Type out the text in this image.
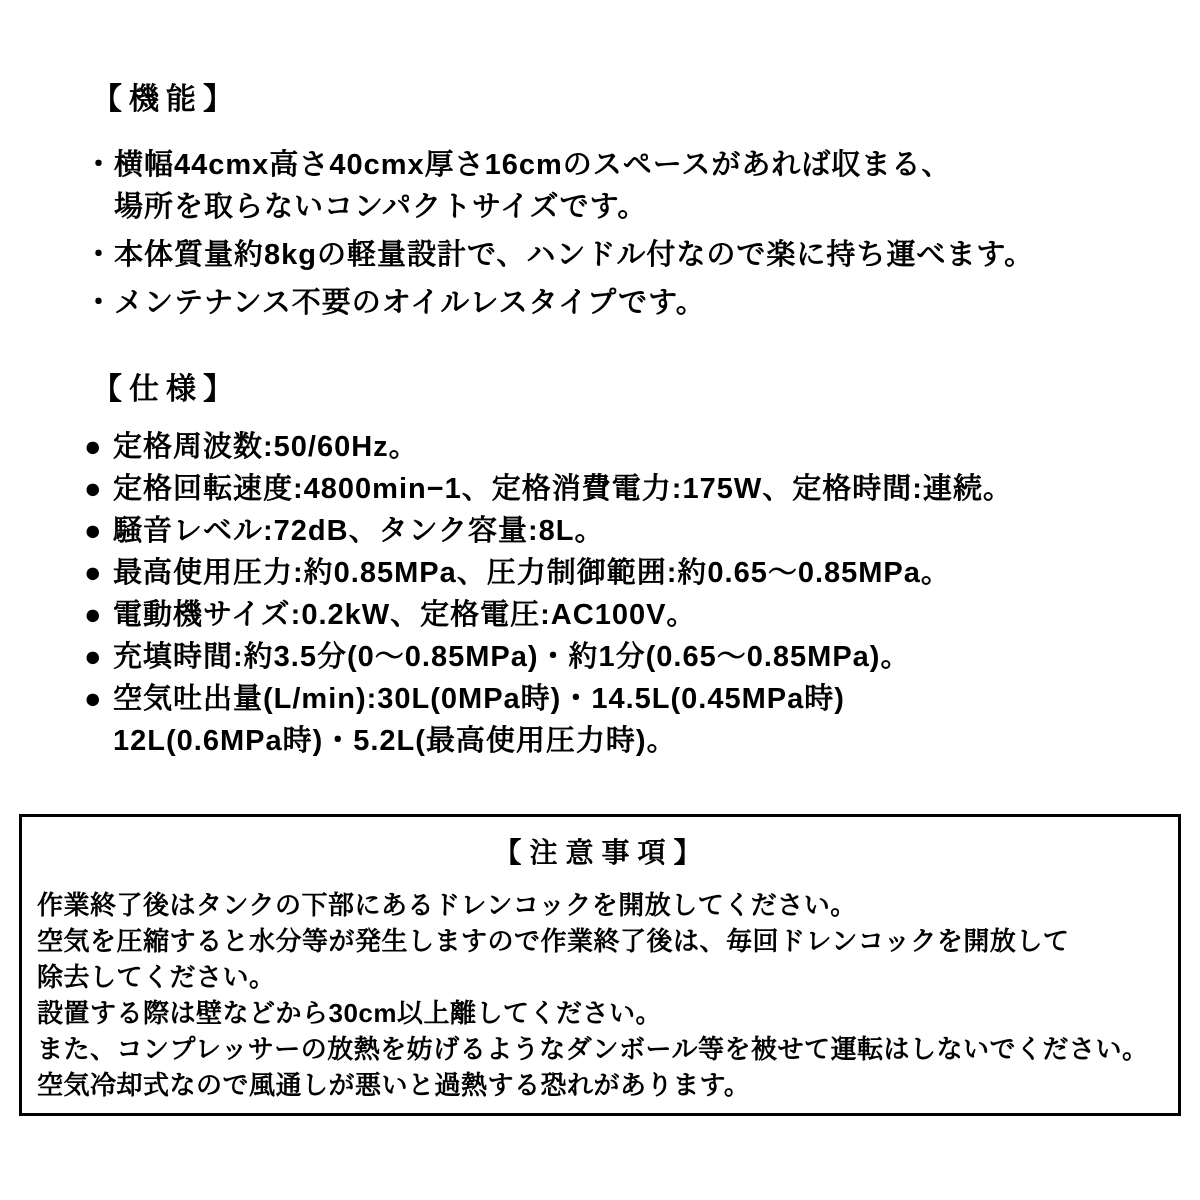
【機能】
・ 横幅44cmx高さ40cmx厚さ16cmのスペースがあれば収まる、
場所を取らないコンパクトサイズです。
・ 本体質量約8kgの軽量設計で、ハンドル付なので楽に持ち運べます。
・ メンテナンス不要のオイルレスタイプです。
【仕様】
● 定格周波数:50/60Hz。
● 定格回転速度:4800min−1、定格消費電力:175W、定格時間:連続。
● 騒音レベル:72dB、タンク容量:8L。
● 最高使用圧力:約0.85MPa、圧力制御範囲:約0.65〜0.85MPa。
● 電動機サイズ:0.2kW、定格電圧:AC100V。
● 充填時間:約3.5分(0〜0.85MPa)・約1分(0.65〜0.85MPa)。
● 空気吐出量(L/min):30L(0MPa時)・14.5L(0.45MPa時)
12L(0.6MPa時)・5.2L(最高使用圧力時)。
【注意事項】
作業終了後はタンクの下部にあるドレンコックを開放してください。
空気を圧縮すると水分等が発生しますので作業終了後は、毎回ドレンコックを開放して
除去してください。
設置する際は壁などから30cm以上離してください。
また、コンプレッサーの放熱を妨げるようなダンボール等を被せて運転はしないでください。
空気冷却式なので風通しが悪いと過熱する恐れがあります。
